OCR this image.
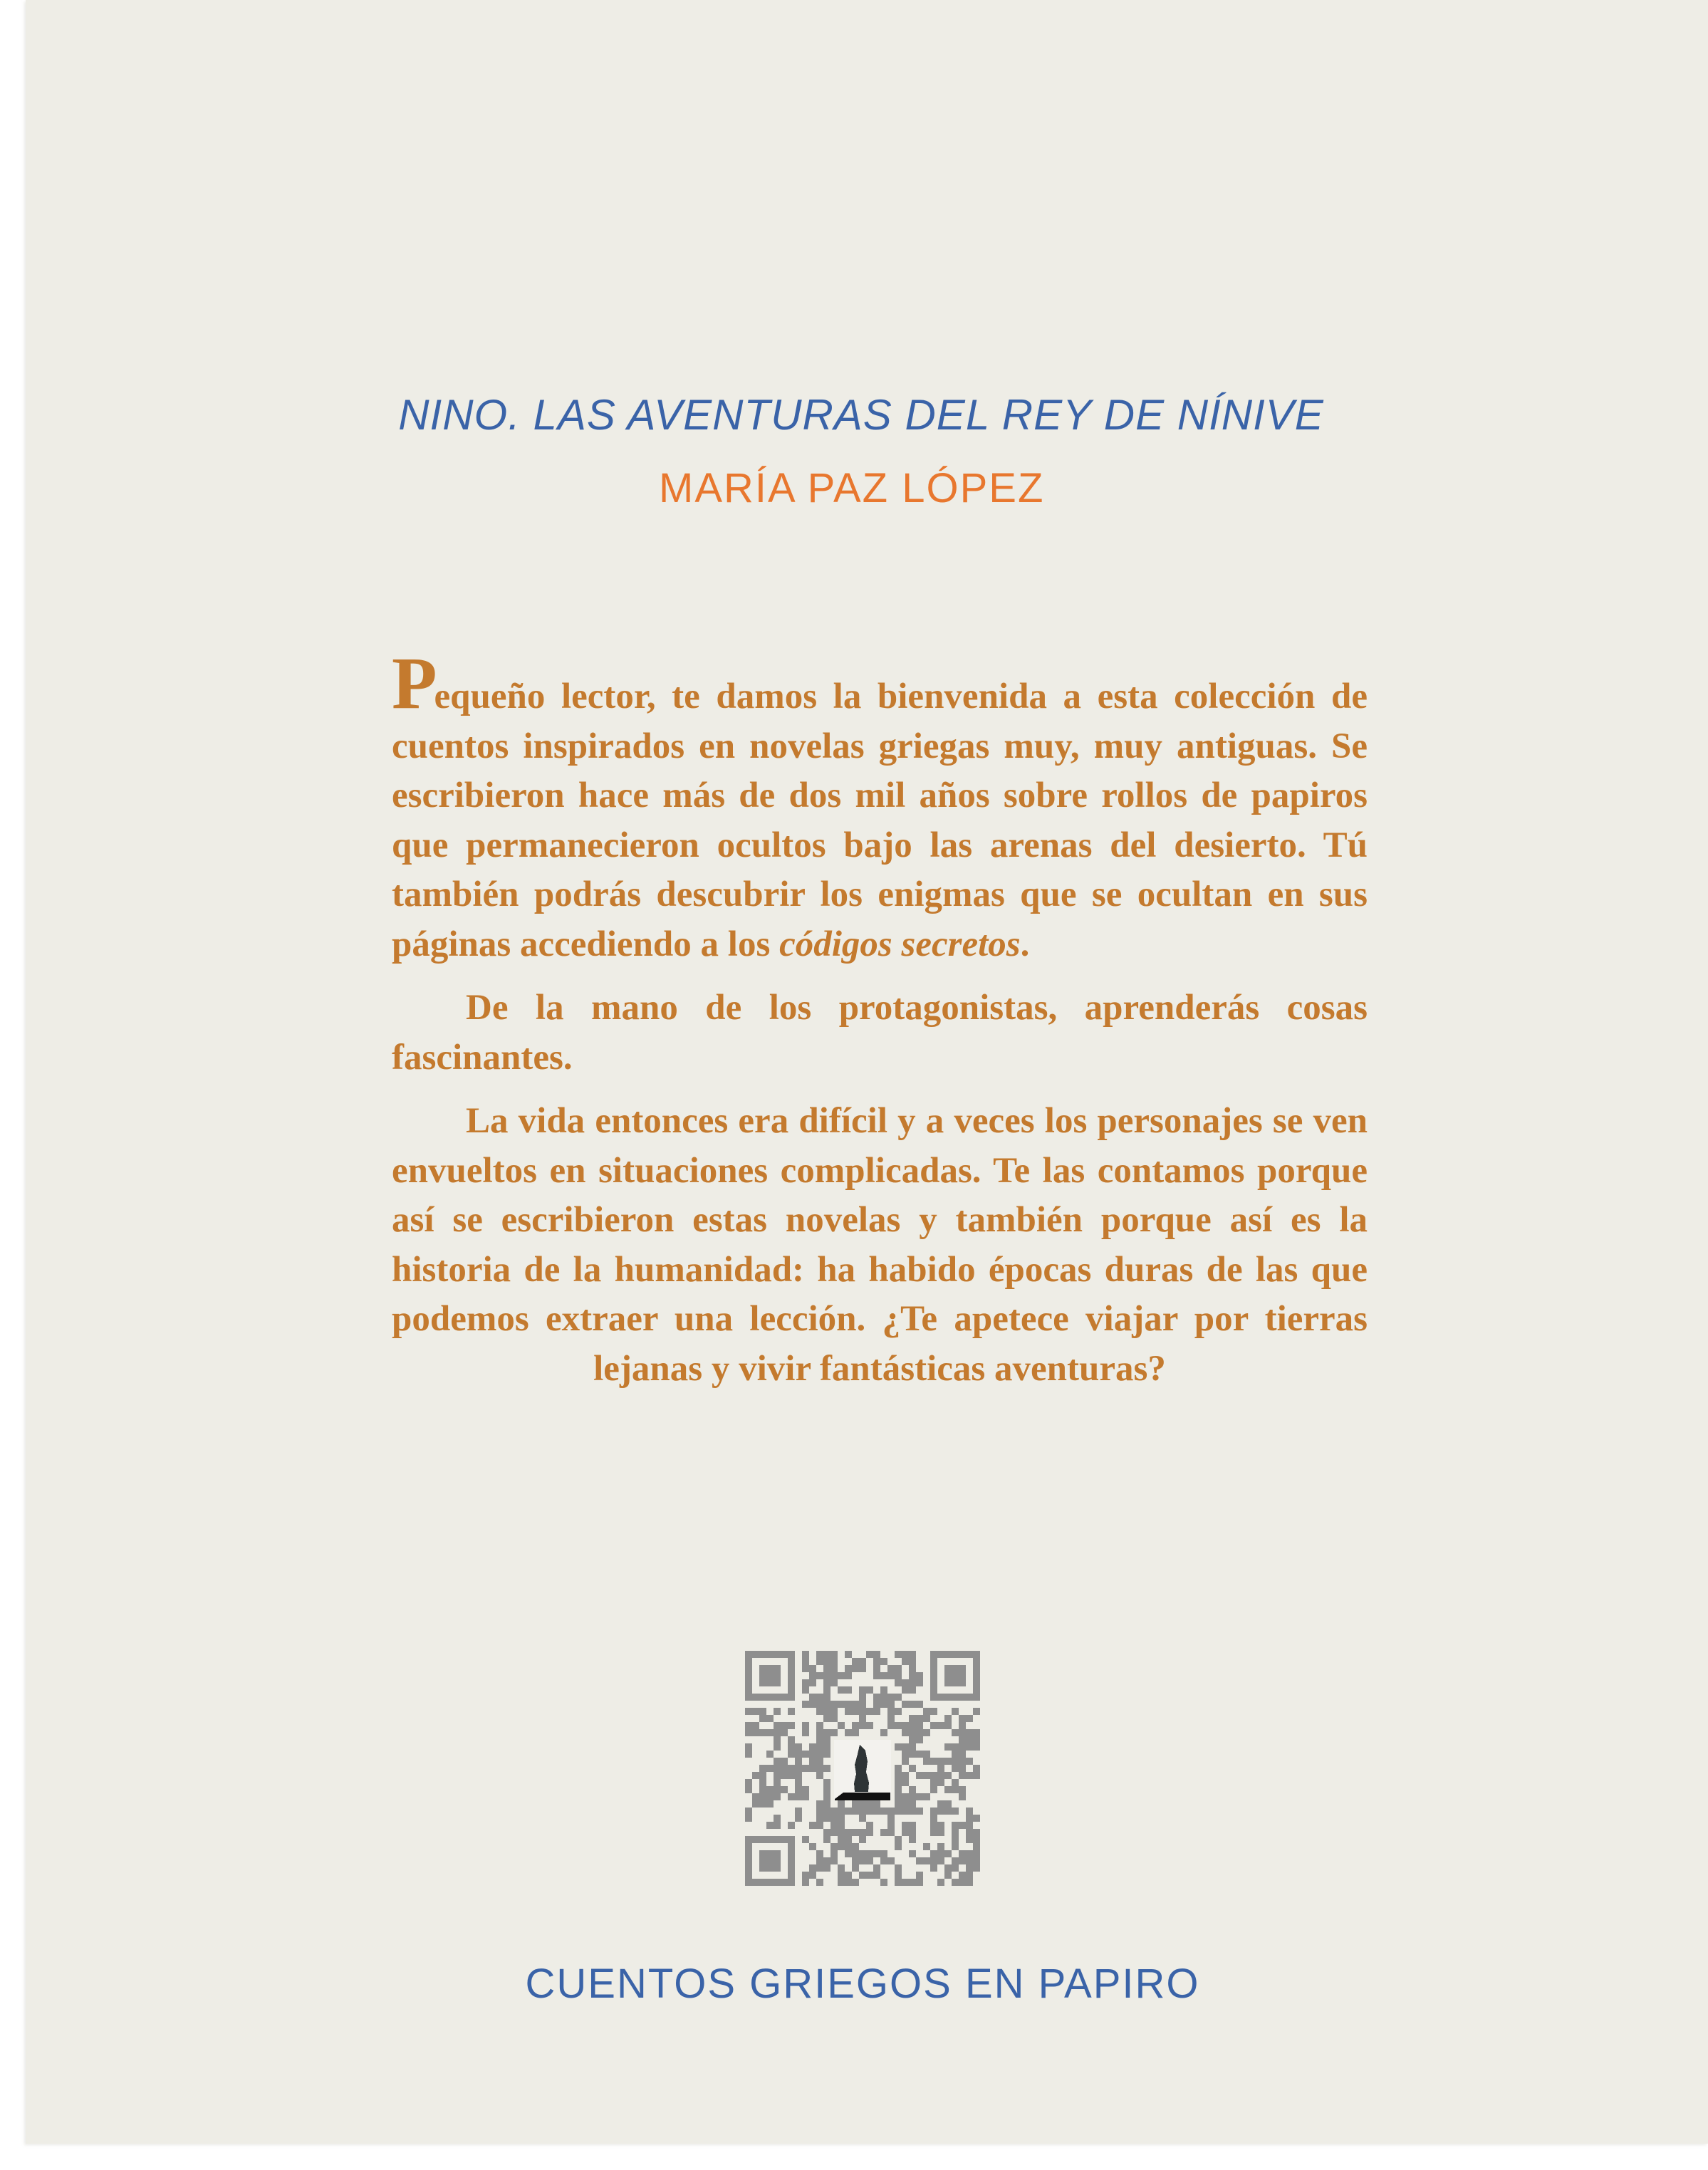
NINO. LAS AVENTURAS DEL REY DE NÍNIVE
MARÍA PAZ LÓPEZ

Pequeño lector, te damos la bienvenida a esta colección de cuentos inspirados en novelas griegas muy, muy antiguas. Se escribieron hace más de dos mil años sobre rollos de papiros que permanecieron ocultos bajo las arenas del desierto. Tú también podrás descubrir los enigmas que se ocultan en sus páginas accediendo a los códigos secretos.

De la mano de los protagonistas, aprenderás cosas fascinantes.

La vida entonces era difícil y a veces los personajes se ven envueltos en situaciones complicadas. Te las contamos porque así se escribieron estas novelas y también porque así es la historia de la humanidad: ha habido épocas duras de las que podemos extraer una lección. ¿Te apetece viajar por tierras lejanas y vivir fantásticas aventuras?

CUENTOS GRIEGOS EN PAPIRO
